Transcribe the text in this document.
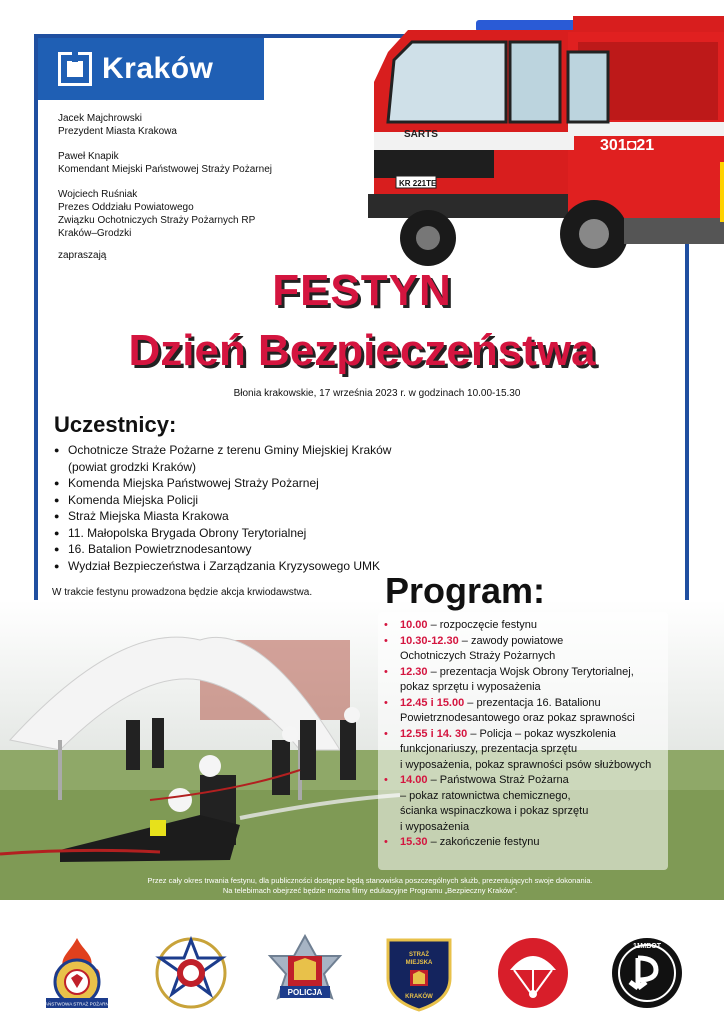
Kraków

Jacek Majchrowski
Prezydent Miasta Krakowa

Paweł Knapik
Komendant Miejski Państwowej Straży Pożarnej

Wojciech Ruśniak
Prezes Oddziału Powiatowego
Związku Ochotniczych Straży Pożarnych RP
Kraków–Grodzki

zapraszają
SARTS
301◘21
KR 221TE
FESTYN
Dzień Bezpieczeństwa
Błonia krakowskie, 17 września 2023 r. w godzinach 10.00-15.30
Uczestnicy:
● Ochotnicze Straże Pożarne z terenu Gminy Miejskiej Kraków
(powiat grodzki Kraków)
● Komenda Miejska Państwowej Straży Pożarnej
● Komenda Miejska Policji
● Straż Miejska Miasta Krakowa
● 11. Małopolska Brygada Obrony Terytorialnej
● 16. Batalion Powietrznodesantowy
● Wydział Bezpieczeństwa i Zarządzania Kryzysowego UMK
W trakcie festynu prowadzona będzie akcja krwiodawstwa. Program:
• 10.00 – rozpoczęcie festynu
• 10.30-12.30 – zawody powiatowe
Ochotniczych Straży Pożarnych
• 12.30 – prezentacja Wojsk Obrony Terytorialnej,
pokaz sprzętu i wyposażenia
• 12.45 i 15.00 – prezentacja 16. Batalionu
Powietrznodesantowego oraz pokaz sprawności
• 12.55 i 14. 30 – Policja – pokaz wyszkolenia
funkcjonariuszy, prezentacja sprzętu
i wyposażenia, pokaz sprawności psów służbowych
• 14.00 – Państwowa Straż Pożarna
– pokaz ratownictwa chemicznego,
ścianka wspinaczkowa i pokaz sprzętu
i wyposażenia
• 15.30 – zakończenie festynu
Przez cały okres trwania festynu, dla publiczności dostępne będą stanowiska poszczególnych służb, prezentujących swoje dokonania.
Na telebimach obejrzeć będzie można filmy edukacyjne Programu „Bezpieczny Kraków”.
PAŃSTWOWA STRAŻ POŻARNA
POLICJA
STRAŻ
MIEJSKA
KRAKÓW
11MBOT
